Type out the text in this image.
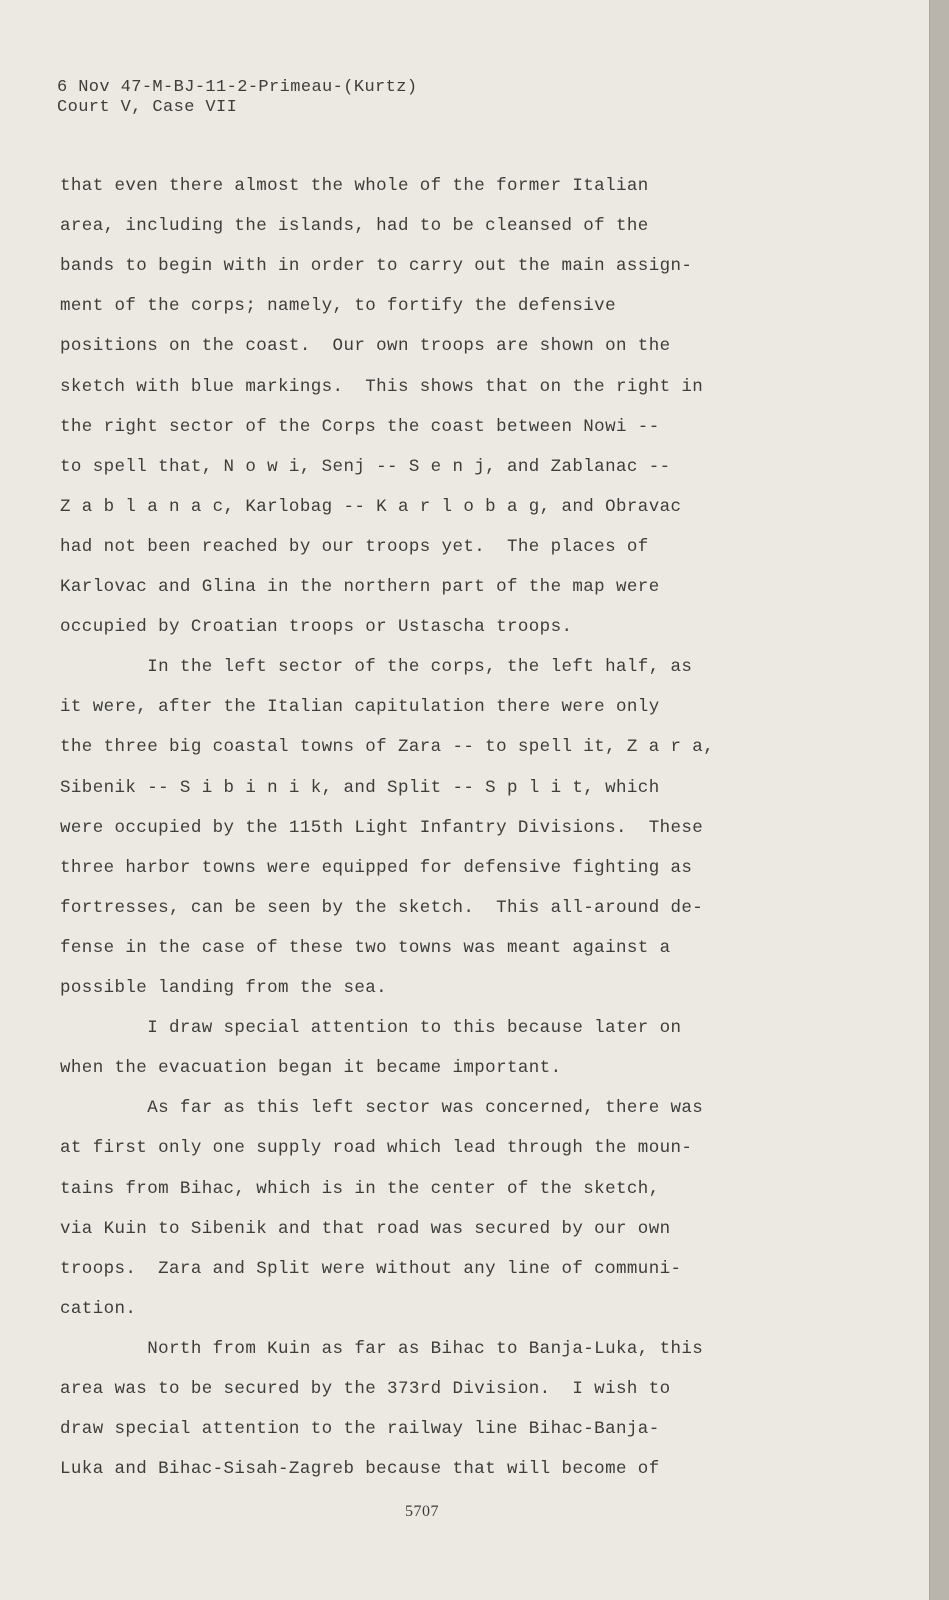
6 Nov 47-M-BJ-11-2-Primeau-(Kurtz)
Court V, Case VII
that even there almost the whole of the former Italian
area, including the islands, had to be cleansed of the
bands to begin with in order to carry out the main assign-
ment of the corps; namely, to fortify the defensive
positions on the coast.  Our own troops are shown on the
sketch with blue markings.  This shows that on the right in
the right sector of the Corps the coast between Nowi --
to spell that, N o w i, Senj -- S e n j, and Zablanac --
Z a b l a n a c, Karlobag -- K a r l o b a g, and Obravac
had not been reached by our troops yet.  The places of
Karlovac and Glina in the northern part of the map were
occupied by Croatian troops or Ustascha troops.
In the left sector of the corps, the left half, as
it were, after the Italian capitulation there were only
the three big coastal towns of Zara -- to spell it, Z a r a,
Sibenik -- S i b i n i k, and Split -- S p l i t, which
were occupied by the 115th Light Infantry Divisions.  These
three harbor towns were equipped for defensive fighting as
fortresses, can be seen by the sketch.  This all-around de-
fense in the case of these two towns was meant against a
possible landing from the sea.
I draw special attention to this because later on
when the evacuation began it became important.
As far as this left sector was concerned, there was
at first only one supply road which lead through the moun-
tains from Bihac, which is in the center of the sketch,
via Kuin to Sibenik and that road was secured by our own
troops.  Zara and Split were without any line of communi-
cation.
North from Kuin as far as Bihac to Banja-Luka, this
area was to be secured by the 373rd Division.  I wish to
draw special attention to the railway line Bihac-Banja-
Luka and Bihac-Sisah-Zagreb because that will become of
5707
